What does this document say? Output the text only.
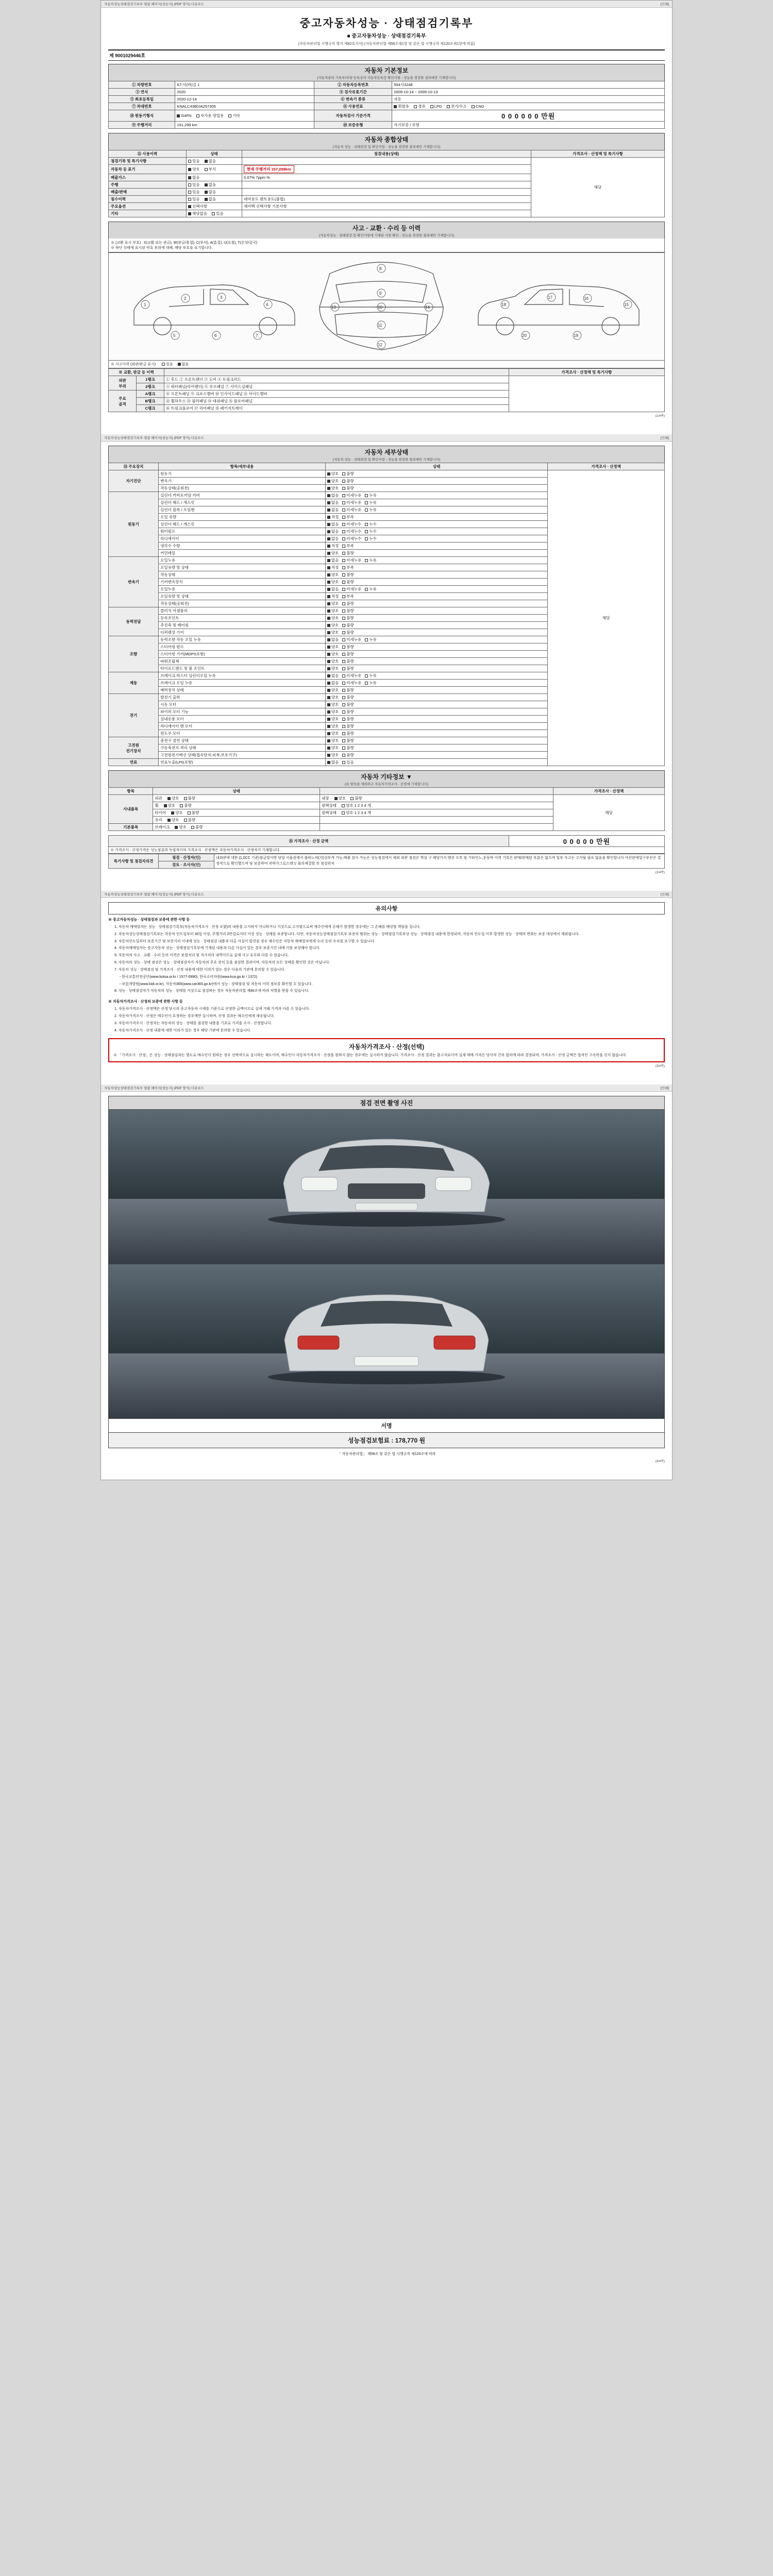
자동차성능상태점검기록부 열람 페이지(성능지) (PDF 양식) 다운로드	[인쇄]
중고자동차성능 · 상태점검기록부
■ 중고자동차성능 · 상태점검기록부
(자동차관리법 시행규칙 별지 제82호서식) (자동차관리법 제58조제1항 및 같은 법 시행규칙 제120조제1항에 따름)
제 9001029446호
자동차 기본정보
(자동차관리 기록부/차량 등록상의 자동차등록증 확인사항 - 성능을 점검한 결과에만 기재합니다)
① 차량번호	67-사(바)길 1	② 자동차등록번호	554사3248
③ 연식	2020	④ 검사유효기간	2009-10-14 ~ 2009-10-13
⑤ 최초등록일	2020-12-14	⑥ 변속기 종류	자동
⑦ 차대번호	KNALC4380JA257305	⑧ 사용연료	휘발유 경유 LPG 전기/수소 CNG
⑩ 원동기형식	G4FN 자가용 영업용 기타	자동차검사 기준가격	0 0 0 0 0 0 만원
⑨ 주행거리	151,299 km	⑩ 보증유형	자기보증 / 보험
자동차 종합상태
(자동차 성능 · 상태점검 및 확인사항 - 성능을 점검한 결과에만 기재합니다)
⑪ 사용이력	상태	점검내용(상태)	가격조사 · 산정액 및 특기사항
점검기록 및 특기사항	있음 없음		해당
자동차 등 표기	양호 부식	현재 주행거리 157,299km	
배출가스	없음	0.07% 7ppm %	
주행	있음 없음		
배출/판매	있음 없음		
침수이력	있음 없음	대여용도 렌트용도(불법)	
주요옵션	선택사항	에어백 선택사항 기본사항	
기타	해당없음 있음		
사고 · 교환 · 수리 등 이력
(자동차성능 · 상태점검 및 확인사항에 기재된 사항 확인 - 성능을 점검한 결과에만 기재합니다)
※ (교환 표시 부호) : X(교환 또는 판금), W(판금/용접), C(부식), A(흠집), U(요철), T(손상/굴곡)
※ 하단 상태에 표시된 번호 부위에 대해, 해당 부호를 표기합니다.
1
2	3
4
5	6	7
8
9
10
11
12
13	14
15
16
17
18
19
20
※ 사고이력 (외판/판금 표시)	있음 없음
※ 교환, 판금 등 이력			가격조사 · 산정액 및 특기사항
외판
부위	1랭크	① 후드 ② 프론트펜더 ③ 도어 ④ 트렁크리드	
	2랭크	⑤ 쿼터패널(리어펜더) ⑥ 루프패널 ⑦ 사이드실패널	
주요
골격	A랭크	⑧ 프론트패널 ⑨ 크로스멤버 ⑩ 인사이드패널 ⑪ 사이드멤버	
	B랭크	⑫ 휠하우스 ⑬ 필러패널 ⑭ 대쉬패널 ⑮ 플로어패널	
	C랭크	⑯ 트렁크플로어 ⑰ 리어패널 ⑱ 패키지트레이	
(1/4쪽)
자동차성능상태점검기록부 열람 페이지(성능지) (PDF 양식) 다운로드	[인쇄]
자동차 세부상태
(자동차 성능 · 상태점검 및 확인사항 - 성능을 점검한 결과에만 기재합니다)
⑬ 주요장치	항목/세부내용	상태	가격조사 · 산정액
자기진단	원동기	양호 불량	해당
	변속기	양호 불량	
	작동상태(공회전)	양호 불량	
원동기	실린더 커버로커암 커버	없음 미세누유 누유	
	실린더 헤드 / 개스킷	없음 미세누유 누유	
	실린더 블록 / 오일팬	없음 미세누유 누유	
	오일 유량	적정 부족	
	실린더 헤드 / 개스킷	없음 미세누수 누수	
	워터펌프	없음 미세누수 누수	
	라디에이터	없음 미세누수 누수	
	냉각수 수량	적정 부족	
	커먼레일	양호 불량	
변속기	오일누유	없음 미세누유 누유	
	오일유량 및 상태	적정 부족	
	작동상태	양호 불량	
	기어변속장치	양호 불량	
	오일누유	없음 미세누유 누유	
	오일유량 및 상태	적정 부족	
	작동상태(공회전)	양호 불량	
동력전달	클러치 어셈블리	양호 불량	
	등속조인트	양호 불량	
	추진축 및 베어링	양호 불량	
	디퍼렌셜 기어	양호 불량	
조향	동력조향 작동 오일 누유	없음 미세누유 누유	
	스티어링 펌프	양호 불량	
	스티어링 기어(MDPS포함)	양호 불량	
	파워조립체	양호 불량	
	타이로드엔드 및 볼 조인트	양호 불량	
제동	브레이크 마스터 실린더오일 누유	없음 미세누유 누유	
	브레이크 오일 누유	없음 미세누유 누유	
	배력장치 상태	양호 불량	
전기	발전기 출력	양호 불량	
	시동 모터	양호 불량	
	와이퍼 모터 기능	양호 불량	
	실내송풍 모터	양호 불량	
	라디에이터 팬 모터	양호 불량	
	윈도우 모터	양호 불량	
고전원
전기장치	충전구 절연 상태	양호 불량	
	구동축전지 격리 상태	양호 불량	
	고전원전기배선 상태(접속단자,피복,보호기구)	양호 불량	
연료	연료누출(LPG포함)	없음 있음	
자동차 기타정보 ▼
(⑭ 항목을 제외하고 자동차가격조사 · 산정에 기재합니다)
항목	상태		가격조사 · 산정액
사내품목	외관 양호 불량	내장 양호 불량	해당
	휠 양호 불량	광택상태 양호 1 2 3 4 개	
	타이어 양호 불량	광택상태 양호 1 2 3 4 개	
	유리 양호 불량		
기본품목	브레이크 양호 불량		
⑮ 가격조사 · 산정 금액	0 0 0 0 0 만원
※ 가격조사 · 산정가격은 성능점검과 독립적이며 가격조사 · 산정액은 자동차가격조사 · 산정자가 기재합니다.
특기사항 및 점검자의견	점검 · 산정자(인)	내외관에 대한 (1,0CC 기준)점금빛이면 당일 서울권에서 출하노피(지)성부적 가능,배출 검사 가능은 성능점검에서 제외 외관 점검은 핵심 구 해당가지 맨션 오후 및 기타인노,운동바 이력 기록은 판매/판매된 부분은 없으며 일부 사고는 고지될 필요 없음을 확인합니다 아산판에일구부산은 결정적으로 확인했으며 및 보증하여 귀하가그로스앤싯 물의제결할 의 점검위치
검토 · 조사자(인)
(2/4쪽)
자동차성능상태점검기록부 열람 페이지(성능지) (PDF 양식) 다운로드	[인쇄]
유의사항

※ 중고자동차성능 · 상태점검과 보증에 관한 사항 등

1. 자동차 매매업자는 성능 · 상태점검기록부(자동차가격조사 · 산정 포함)의 내용을 고지하지 아니하거나 거짓으로 고지함으로써 매수인에게 손해가 발생한 경우에는 그 손해를 배상할 책임을 집니다.

2. 자동차성능상태점검기록부는 자동차 인도일부터 30일 이상, 주행거리 2만킬로미터 이상 성능 · 상태를 보증합니다. 다만, 자동차성능상태점검기록부 보증의 범위는 성능 · 상태점검기록부상 성능 · 상태점검 내용에 한정되며, 자동차 인도일 이후 발생한 성능 · 상태의 변화는 보증 대상에서 제외됩니다.

3. 자동차인도일부터 보증기간 및 보증거리 이내에 성능 · 상태점검 내용과 다른 사실이 발견된 경우 매수인은 자동차 매매업자에게 수리 등의 조치를 요구할 수 있습니다.

4. 자동차매매업자는 중고자동차 성능 · 상태점검기록부에 기재된 내용과 다른 사실이 있는 경우 보증기간 내에 이를 보상해야 합니다.

5. 자동차의 사고 · 교환 · 수리 등의 이력은 보험처리 및 자가처리 내역이므로 실제 사고 유무와 다를 수 있습니다.

6. 자동차의 성능 · 상태 점검은 성능 · 상태점검자가 자동차의 주요 장치 등을 점검한 결과이며, 자동차의 모든 상태를 확인한 것은 아닙니다.

7. 자동차 성능 · 상태점검 및 가격조사 · 산정 내용에 대한 이의가 있는 경우 다음의 기관에 문의할 수 있습니다.

- 한국교통안전공단(www.kotsa.or.kr / 1577-0990), 한국소비자원(www.kca.go.kr / 1372)

- 보험개발원(www.kidi.or.kr), 자동차365(www.car365.go.kr)에서 성능 · 상태점검 및 자동차 이력 정보를 확인할 수 있습니다.

8. 성능 · 상태점검자가 자동차의 성능 · 상태를 거짓으로 점검하는 경우 자동차관리법 제80조에 따라 처벌을 받을 수 있습니다.

※ 자동차가격조사 · 산정의 보증에 관한 사항 등

1. 자동차가격조사 · 산정액은 산정 당시의 중고자동차 시세를 기준으로 산정한 금액이므로 실제 거래 가격과 다를 수 있습니다.

2. 자동차가격조사 · 산정은 매수인이 요청하는 경우에만 실시하며, 산정 결과는 매수인에게 제공됩니다.

3. 자동차가격조사 · 산정자는 자동차의 성능 · 상태를 점검한 내용을 기초로 가격을 조사 · 산정합니다.

4. 자동차가격조사 · 산정 내용에 대한 이의가 있는 경우 해당 기관에 문의할 수 있습니다.

자동차가격조사 · 산정(선택)
※ 「가격조사 · 산정」은 성능 · 상태점검과는 별도로 매수인이 원하는 경우 선택적으로 실시하는 제도이며, 매수인이 자동차가격조사 · 산정을 원하지 않는 경우에는 실시하지 않습니다. 가격조사 · 산정 결과는 참고자료이며 실제 매매 가격은 당사자 간의 합의에 따라 결정되며, 가격조사 · 산정 금액은 법적인 구속력을 갖지 않습니다.
(3/4쪽)
자동차성능상태점검기록부 열람 페이지(성능지) (PDF 양식) 다운로드	[인쇄]
점검 전면 촬영 사진
서명
성능점검보험료 : 178,770 원
「 자동차관리법」 제58조 및 같은 법 시행규칙 제120조에 따라
(4/4쪽)
